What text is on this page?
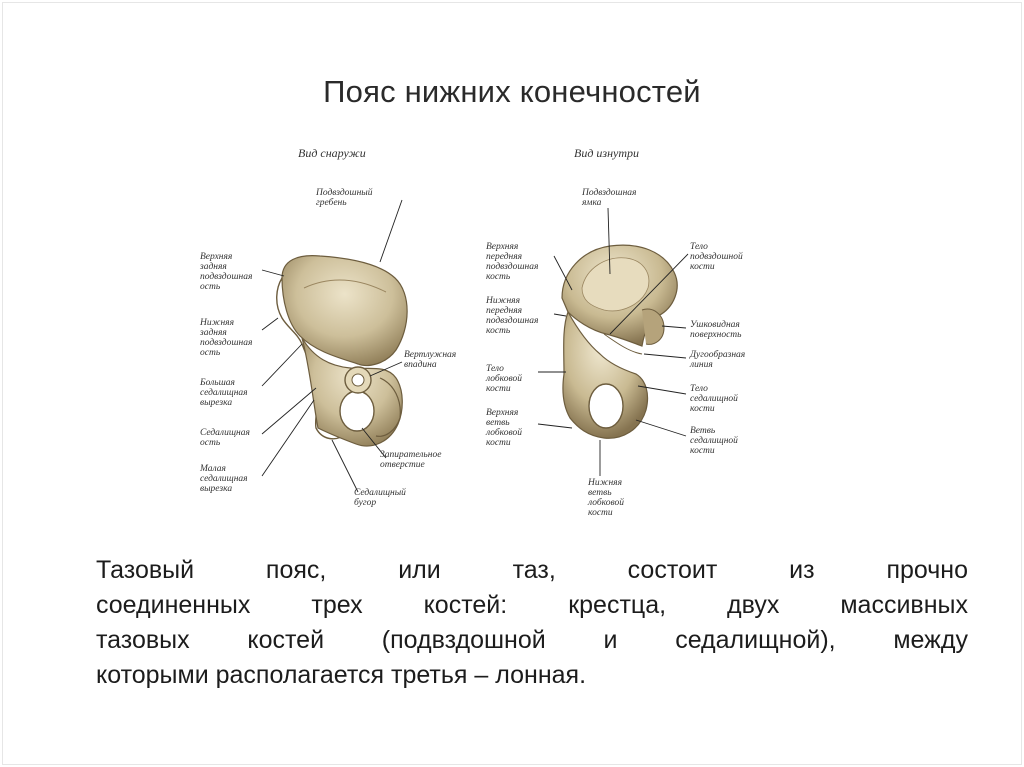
Пояс нижних конечностей
Вид снаружи	Вид изнутри
Подвздошный
гребень
Верхняя
задняя
подвздошная
ость
Нижняя
задняя
подвздошная
ость	Вертлужная
впадина
Большая
седалищная
вырезка
Седалищная
ость
Запирательное
отверстие
Малая
седалищная
вырезка	Седалищный
бугор
Подвздошная
ямка
Верхняя
передняя
подвздошная
кость
Тело
подвздошной
кости
Нижняя
передняя
подвздошная
кость
Ушковидная
поверхность
Дугообразная
линия
Тело
лобковой
кости	Тело
седалищной
кости
Верхняя
ветвь
лобковой
кости
Ветвь
седалищной
кости
Нижняя
ветвь
лобковой
кости
Тазовый пояс, или таз, состоит из прочно
соединенных трех костей: крестца, двух массивных
тазовых костей (подвздошной и седалищной), между
которыми располагается третья – лонная.
